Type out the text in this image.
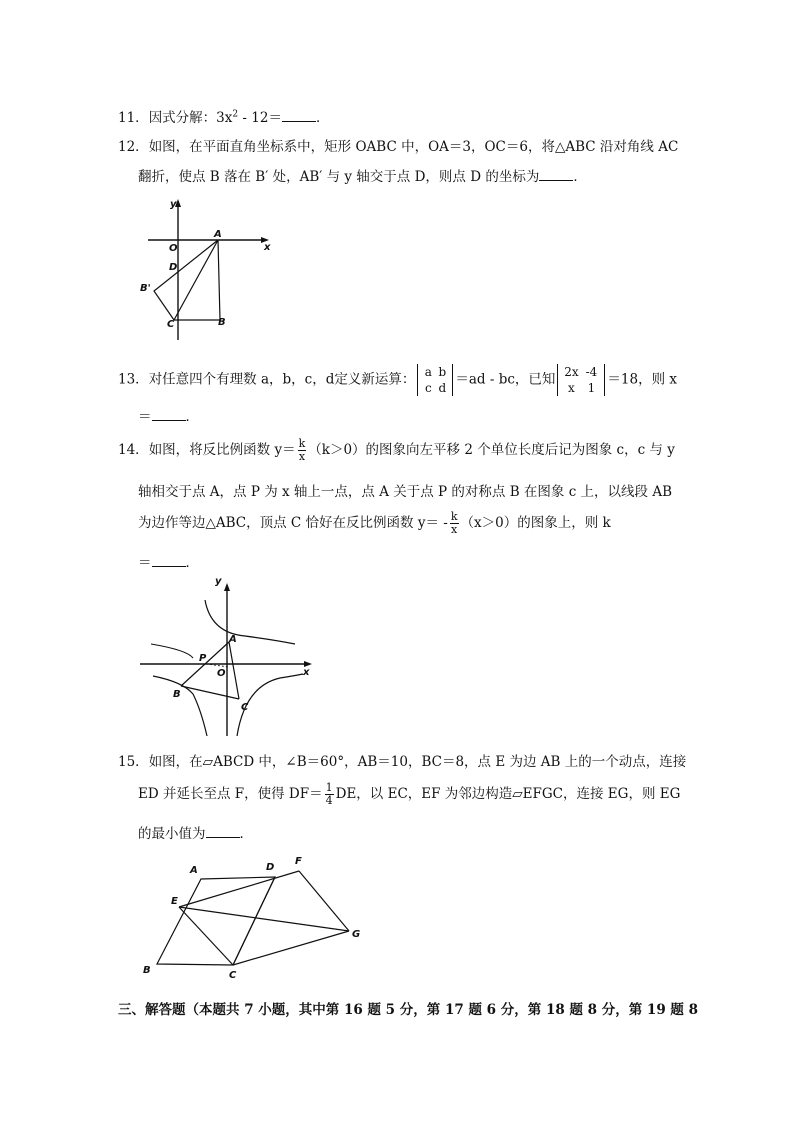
11．因式分解：$3x^2 - 12=$	．
12．如图，在平面直角坐标系中，矩形 OABC 中，OA＝3，OC＝6，将△ABC 沿对角线 AC
翻折，使点 B 落在 B′ 处，AB′ 与 y 轴交于点 D，则点 D 的坐标为	．
y
x
O
A
D
B'
C	B
13．对任意四个有理数 a，b，c，d定义新运算： a b
c d＝ad - bc，已知 2x -4
x 1＝18，则 x
＝	．
14．如图，将反比例函数 $y= \frac{k}{x} (k>0)$的图象向左平移 2 个单位长度后记为图象 c，c 与 y
轴相交于点 A，点 P 为 x 轴上一点，点 A 关于点 P 的对称点 B 在图象 c 上，以线段 AB
为边作等边△ABC，顶点 C 恰好在反比例函数 $y= - \frac{k}{x} (x>0)$的图象上，则 k
＝	．
y
x
A
P
O
B
C
15．如图，在▱ABCD 中，∠B＝60°，AB＝10，BC＝8，点 E 为边 AB 上的一个动点，连接
ED 并延长至点 F，使得 $DF= \frac{1}{4}$ DE，以 EC，EF 为邻边构造▱EFGC，连接 EG，则 EG
的最小值为	．
A	D
F
E
G
B	C
三、解答题（本题共 7 小题，其中第 16 题 5 分，第 17 题 6 分，第 18 题 8 分，第 19 题 8
